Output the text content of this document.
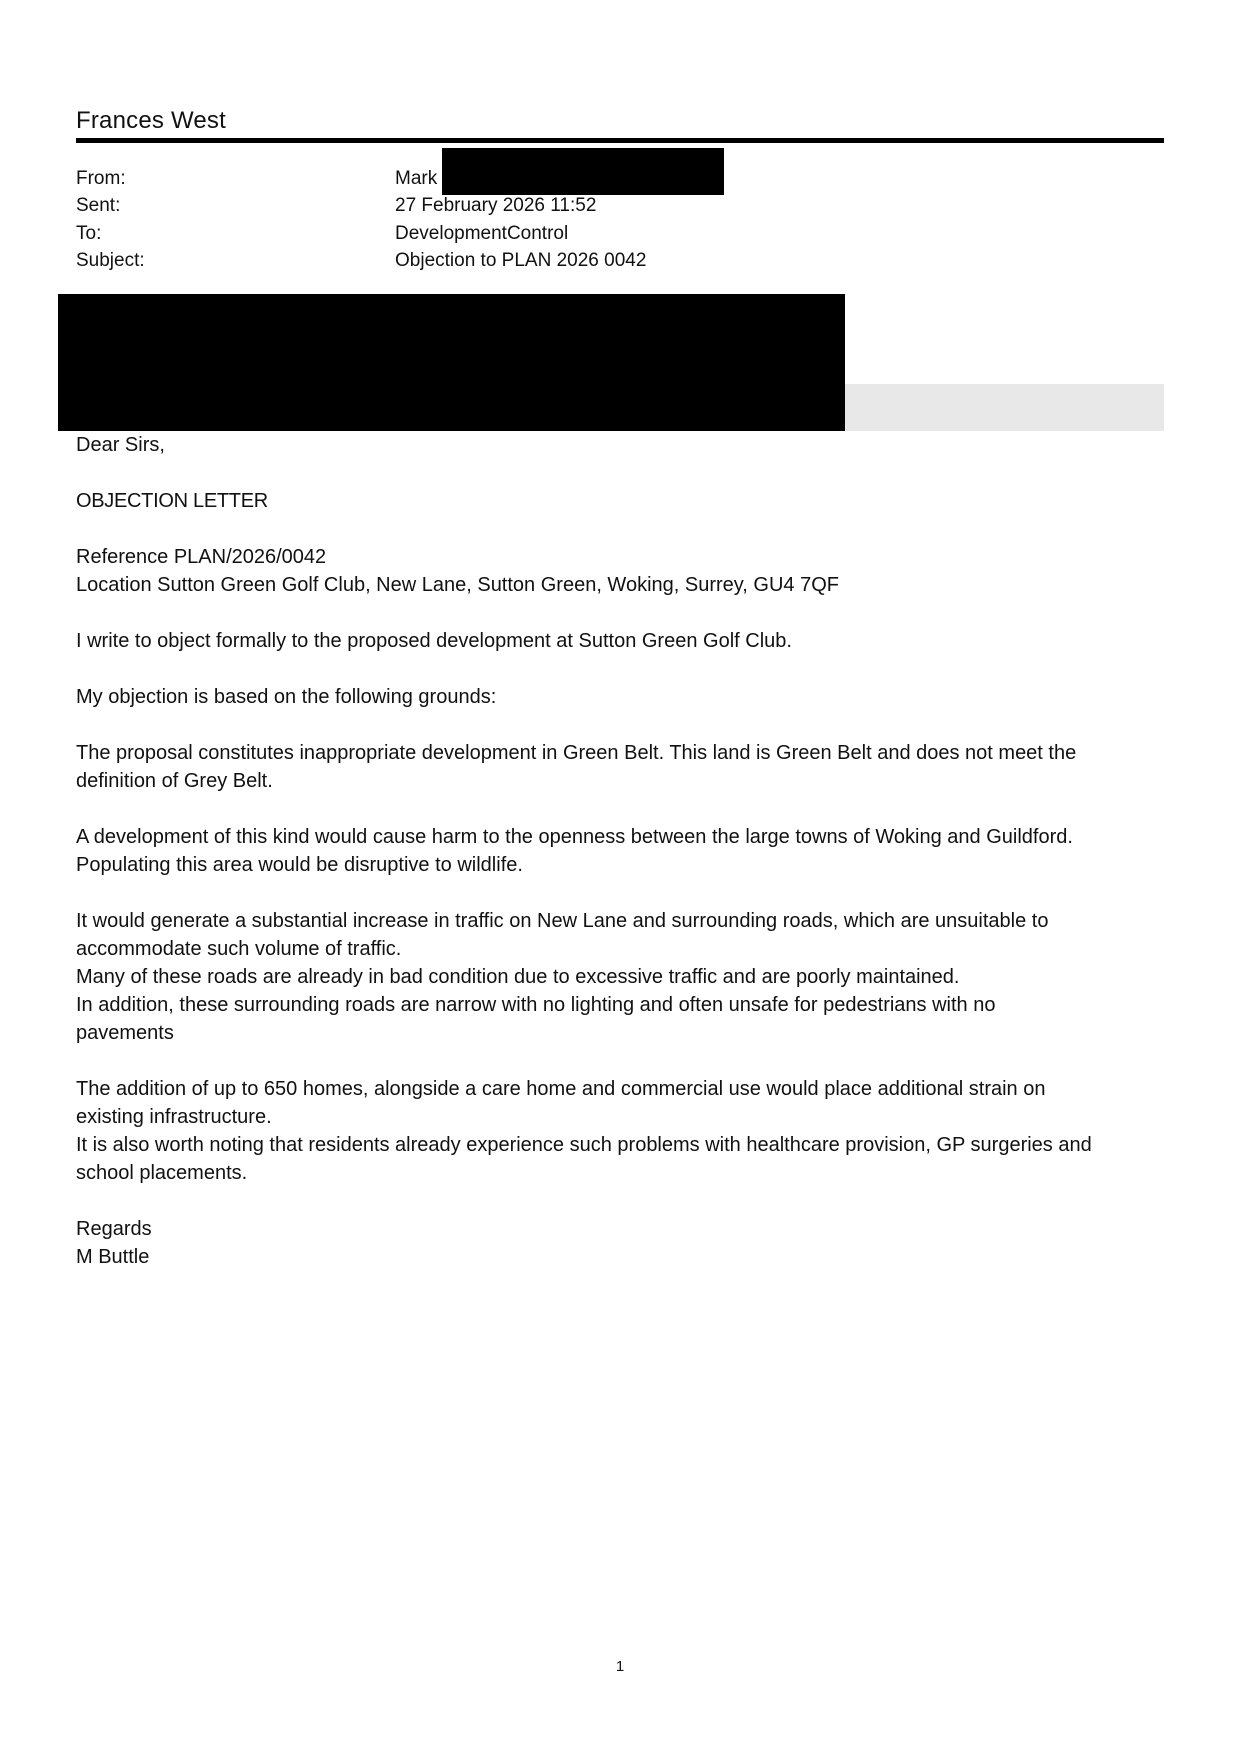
Frances West
From:	Mark
Sent:	27 February 2026 11:52
To:	DevelopmentControl
Subject:	Objection to PLAN 2026 0042

Dear Sirs,

OBJECTION LETTER

Reference PLAN/2026/0042
Location Sutton Green Golf Club, New Lane, Sutton Green, Woking, Surrey, GU4 7QF

I write to object formally to the proposed development at Sutton Green Golf Club.

My objection is based on the following grounds:

The proposal constitutes inappropriate development in Green Belt. This land is Green Belt and does not meet the
definition of Grey Belt.

A development of this kind would cause harm to the openness between the large towns of Woking and Guildford.
Populating this area would be disruptive to wildlife.

It would generate a substantial increase in traffic on New Lane and surrounding roads, which are unsuitable to
accommodate such volume of traffic.
Many of these roads are already in bad condition due to excessive traffic and are poorly maintained.
In addition, these surrounding roads are narrow with no lighting and often unsafe for pedestrians with no
pavements

The addition of up to 650 homes, alongside a care home and commercial use would place additional strain on
existing infrastructure.
It is also worth noting that residents already experience such problems with healthcare provision, GP surgeries and
school placements.

Regards
M Buttle

1
